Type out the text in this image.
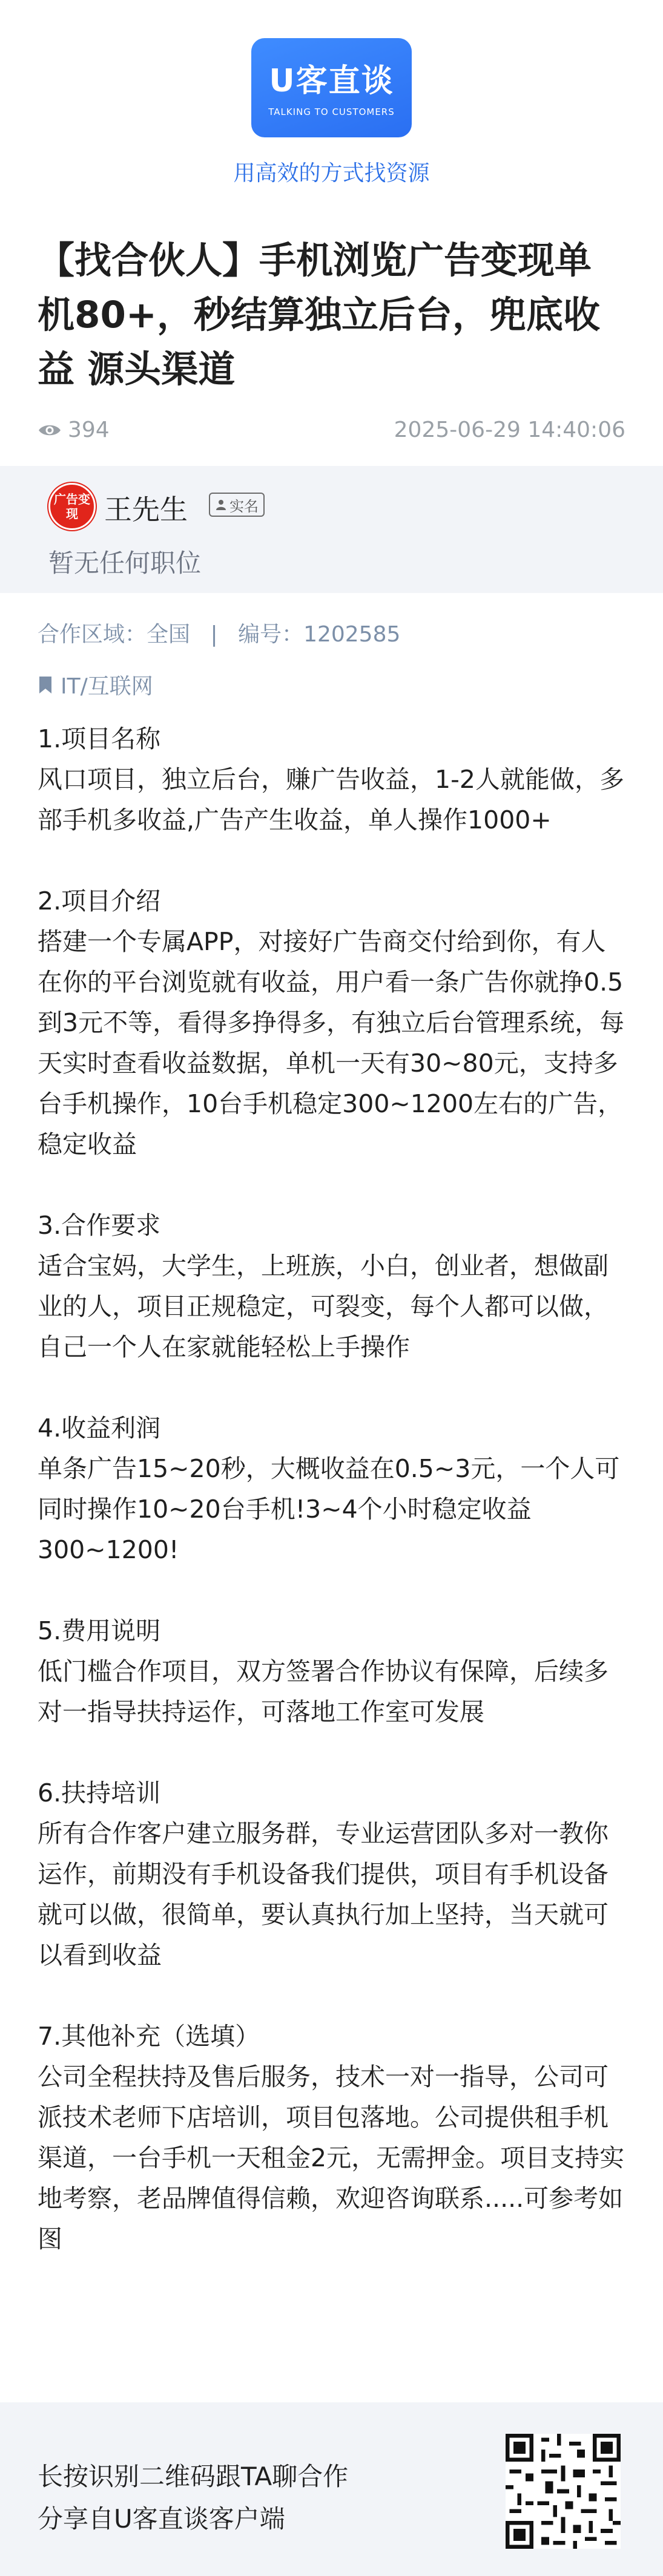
U客直谈
TALKING TO CUSTOMERS
用高效的方式找资源
【找合伙人】手机浏览广告变现单机80+，秒结算独立后台，兜底收益 源头渠道
394	2025-06-29 14:40:06
广告变现 王先生	实名
暂无任何职位
合作区域：全国 | 编号：1202585
IT/互联网
1.项目名称
风口项目，独立后台，赚广告收益，1-2人就能做，多部手机多收益,广告产生收益，单人操作1000+

2.项目介绍
搭建一个专属APP，对接好广告商交付给到你，有人在你的平台浏览就有收益，用户看一条广告你就挣0.5到3元不等，看得多挣得多，有独立后台管理系统，每天实时查看收益数据，单机一天有30~80元，支持多台手机操作，10台手机稳定300~1200左右的广告，稳定收益

3.合作要求
适合宝妈，大学生，上班族，小白，创业者，想做副业的人，项目正规稳定，可裂变，每个人都可以做，自己一个人在家就能轻松上手操作

4.收益利润
单条广告15~20秒，大概收益在0.5~3元，一个人可同时操作10~20台手机!3~4个小时稳定收益300~1200!

5.费用说明
低门槛合作项目，双方签署合作协议有保障，后续多对一指导扶持运作，可落地工作室可发展

6.扶持培训
所有合作客户建立服务群，专业运营团队多对一教你运作，前期没有手机设备我们提供，项目有手机设备就可以做，很简单，要认真执行加上坚持，当天就可以看到收益

7.其他补充（选填）
公司全程扶持及售后服务，技术一对一指导，公司可派技术老师下店培训，项目包落地。公司提供租手机渠道，一台手机一天租金2元，无需押金。项目支持实地考察，老品牌值得信赖，欢迎咨询联系.....可参考如图
长按识别二维码跟TA聊合作
分享自U客直谈客户端
